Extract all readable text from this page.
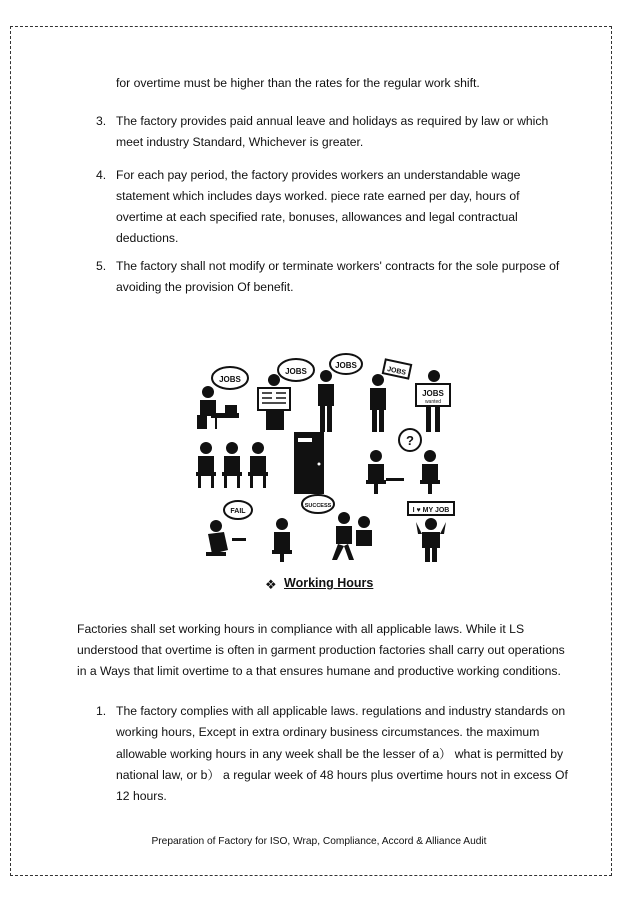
for overtime must be higher than the rates for the regular work shift.
3. The factory provides paid annual leave and holidays as required by law or which
meet industry Standard, Whichever is greater.
4. For each pay period, the factory provides workers an understandable wage
statement which includes days worked. piece rate earned per day, hours of
overtime at each specified rate, bonuses, allowances and legal contractual
deductions.
5. The factory shall not modify or terminate workers' contracts for the sole purpose of
avoiding the provision Of benefit.
JOBS
JOBS
JOBS
JOBS
JOBS
wanted
?
FAIL
SUCCESS
I ♥ MY JOB
❖ Working Hours
Factories shall set working hours in compliance with all applicable laws. While it LS
understood that overtime is often in garment production factories shall carry out operations
in a Ways that limit overtime to a that ensures humane and productive working conditions.
1. The factory complies with all applicable laws. regulations and industry standards on
working hours, Except in extra ordinary business circumstances. the maximum
allowable working hours in any week shall be the lesser of a） what is permitted by
national law, or b） a regular week of 48 hours plus overtime hours not in excess Of
12 hours.
Preparation of Factory for ISO, Wrap, Compliance, Accord & Alliance Audit
